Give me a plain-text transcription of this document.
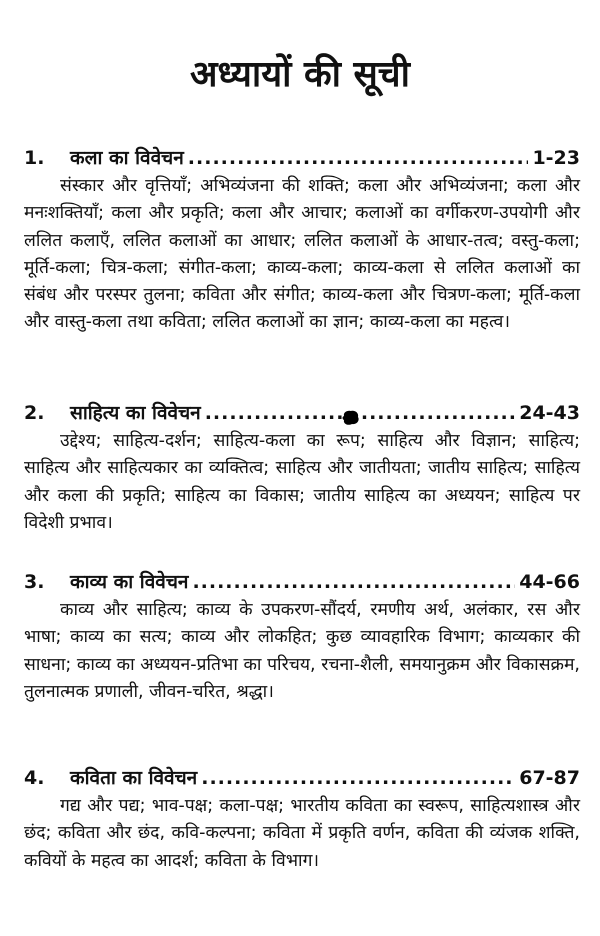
अध्यायों की सूची
1.	कला का विवेचन .....	1-23

संस्कार और वृत्तियाँ; अभिव्यंजना की शक्ति; कला और अभिव्यंजना; कला और मनःशक्तियाँ; कला और प्रकृति; कला और आचार; कलाओं का वर्गीकरण-उपयोगी और ललित कलाएँ, ललित कलाओं का आधार; ललित कलाओं के आधार-तत्व; वस्तु-कला; मूर्ति-कला; चित्र-कला; संगीत-कला; काव्य-कला; काव्य-कला से ललित कलाओं का संबंध और परस्पर तुलना; कविता और संगीत; काव्य-कला और चित्रण-कला; मूर्ति-कला और वास्तु-कला तथा कविता; ललित कलाओं का ज्ञान; काव्य-कला का महत्व।

2.	साहित्य का विवेचन .....	24-43

उद्देश्य; साहित्य-दर्शन; साहित्य-कला का रूप; साहित्य और विज्ञान; साहित्य; साहित्य और साहित्यकार का व्यक्तित्व; साहित्य और जातीयता; जातीय साहित्य; साहित्य और कला की प्रकृति; साहित्य का विकास; जातीय साहित्य का अध्ययन; साहित्य पर विदेशी प्रभाव।

3.	काव्य का विवेचन .....	44-66

काव्य और साहित्य; काव्य के उपकरण-सौंदर्य, रमणीय अर्थ, अलंकार, रस और भाषा; काव्य का सत्य; काव्य और लोकहित; कुछ व्यावहारिक विभाग; काव्यकार की साधना; काव्य का अध्ययन-प्रतिभा का परिचय, रचना-शैली, समयानुक्रम और विकासक्रम, तुलनात्मक प्रणाली, जीवन-चरित, श्रद्धा।

4.	कविता का विवेचन .....	67-87

गद्य और पद्य; भाव-पक्ष; कला-पक्ष; भारतीय कविता का स्वरूप, साहित्यशास्त्र और छंद; कविता और छंद, कवि-कल्पना; कविता में प्रकृति वर्णन, कविता की व्यंजक शक्ति, कवियों के महत्व का आदर्श; कविता के विभाग।
